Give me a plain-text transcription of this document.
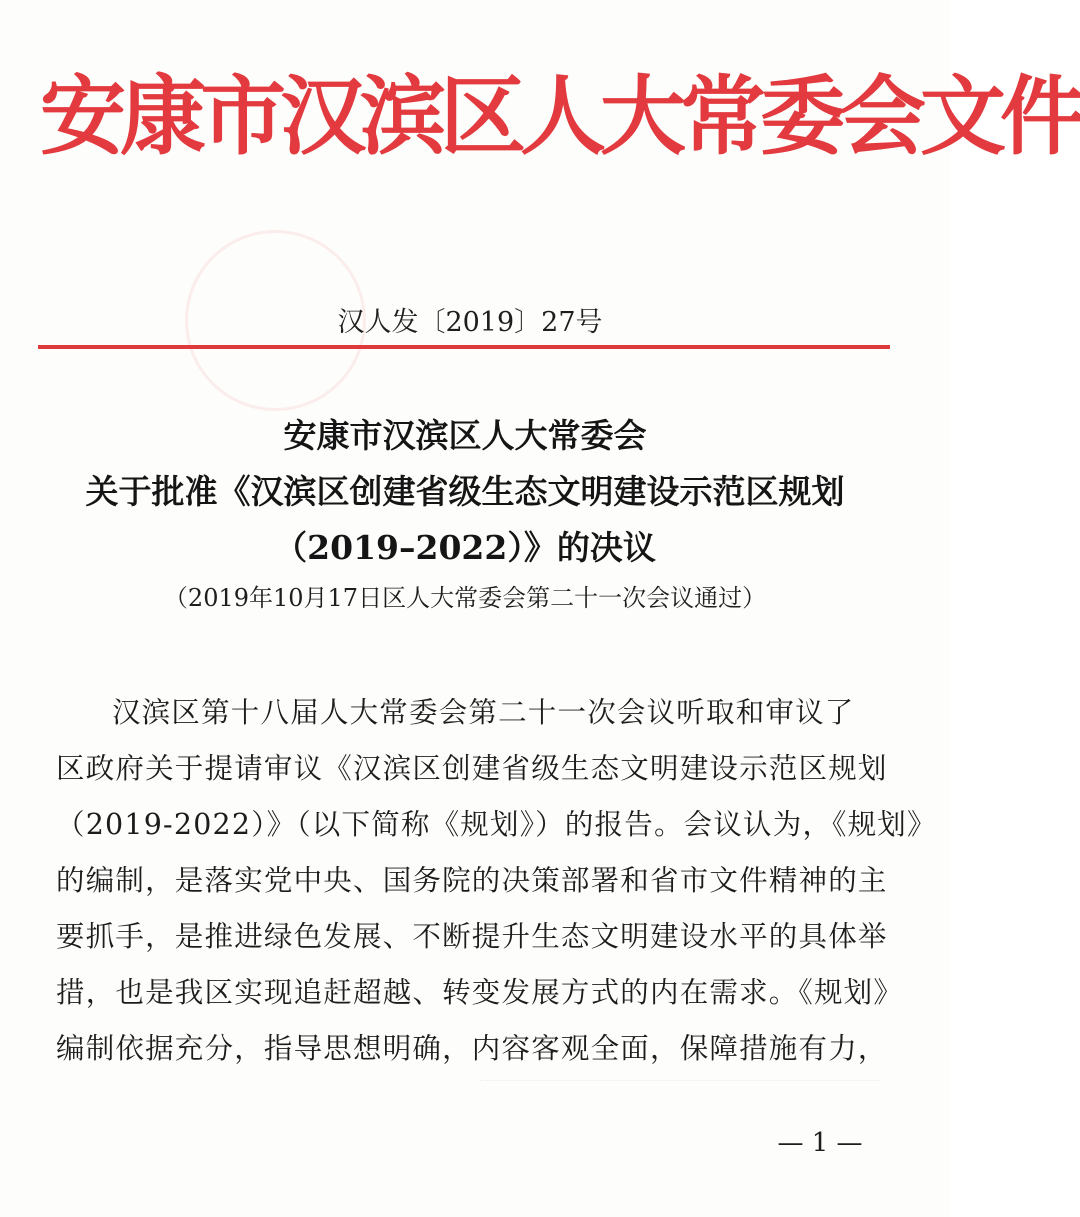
安康市汉滨区人大常委会文件
汉人发〔2019〕27号
安康市汉滨区人大常委会
关于批准《汉滨区创建省级生态文明建设示范区规划
（2019–2022）》的决议
（2019年10月17日区人大常委会第二十一次会议通过）
汉滨区第十八届人大常委会第二十一次会议听取和审议了
区政府关于提请审议《汉滨区创建省级生态文明建设示范区规划
（2019-2022）》（以下简称《规划》）的报告。会议认为，《规划》
的编制，是落实党中央、国务院的决策部署和省市文件精神的主
要抓手，是推进绿色发展、不断提升生态文明建设水平的具体举
措，也是我区实现追赶超越、转变发展方式的内在需求。《规划》
编制依据充分，指导思想明确，内容客观全面，保障措施有力，
— 1 —
